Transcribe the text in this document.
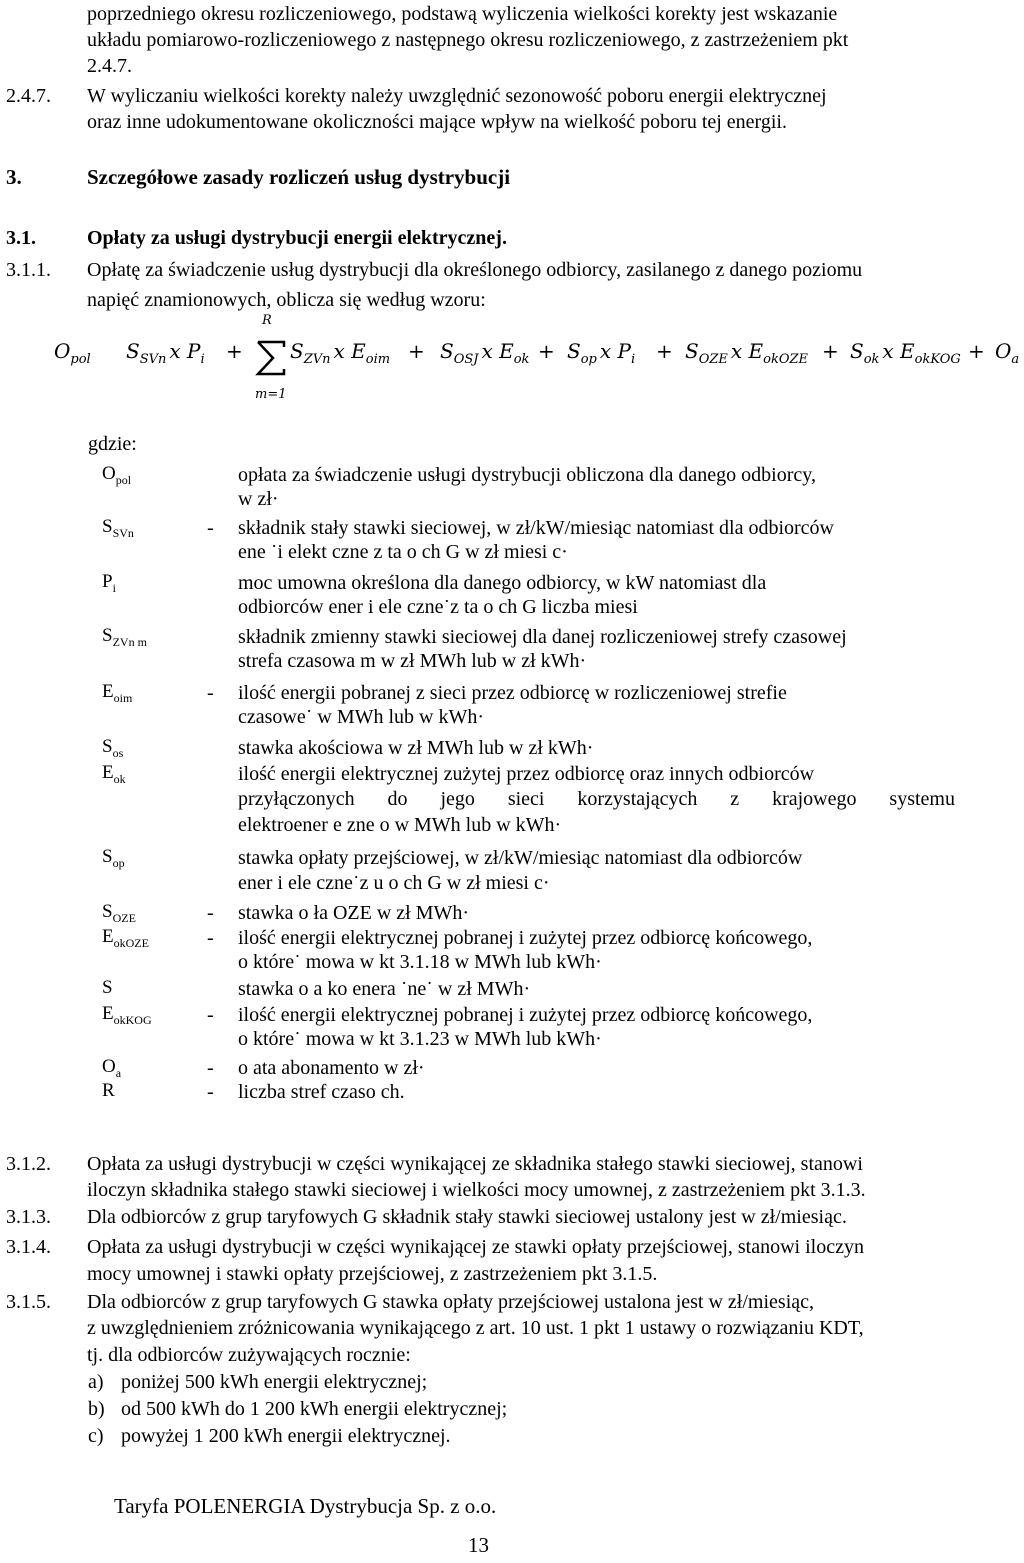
poprzedniego okresu rozliczeniowego, podstawą wyliczenia wielkości korekty jest wskazanie
układu pomiarowo-rozliczeniowego z następnego okresu rozliczeniowego, z zastrzeżeniem pkt
2.4.7.
2.4.7. W wyliczaniu wielkości korekty należy uwzględnić sezonowość poboru energii elektrycznej
oraz inne udokumentowane okoliczności mające wpływ na wielkość poboru tej energii.
3.	Szczegółowe zasady rozliczeń usług dystrybucji
3.1.	Opłaty za usługi dystrybucji energii elektrycznej.
3.1.1. Opłatę za świadczenie usług dystrybucji dla określonego odbiorcy, zasilanego z danego poziomu
napięć znamionowych, oblicza się według wzoru:
$O_{pol}$ $S_{SVn}$ x $P_i$ +
R
m=1
$S_{ZVn}$ x $E_{oim} + S_{OSJ}$ x $E_{ok} + S_{op}$ x $P_i + S_{OZE}$ x $E_{okOZE} + S_{ok}$ x $E_{okKOG} + O_a$
gdzie:
$O_{pol}$	opłata za świadczenie usługi dystrybucji obliczona dla danego odbiorcy,
w zł·
$S_{SVn}$	- składnik stały stawki sieciowej, w zł/kW/miesiąc natomiast dla odbiorców
ene ˙i elekt czne z ta o ch G w zł miesi c·
$P_i$	moc umowna określona dla danego odbiorcy, w kW natomiast dla
odbiorców ener i ele czne˙z ta o ch G liczba miesi
$S_{ZVn m}$	składnik zmienny stawki sieciowej dla danej rozliczeniowej strefy czasowej
strefa czasowa m w zł MWh lub w zł kWh·
$E_{oim}$	- ilość energii pobranej z sieci przez odbiorcę w rozliczeniowej strefie
czasowe˙ w MWh lub w kWh·
$S_{os}$	stawka akościowa w zł MWh lub w zł kWh·
$E_{ok}$	ilość energii elektrycznej zużytej przez odbiorcę oraz innych odbiorców
przyłączonych do jego sieci korzystających z krajowego systemu
elektroener e zne o w MWh lub w kWh·
$S_{op}$	stawka opłaty przejściowej, w zł/kW/miesiąc natomiast dla odbiorców
ener i ele czne˙z u o ch G w zł miesi c·
$S_{OZE}$	- stawka o ła OZE w zł MWh·
$E_{okOZE}$	- ilość energii elektrycznej pobranej i zużytej przez odbiorcę końcowego,
o które˙ mowa w kt 3.1.18 w MWh lub kWh·
S	stawka o a ko enera ˙ne˙ w zł MWh·
$E_{okKOG}$	- ilość energii elektrycznej pobranej i zużytej przez odbiorcę końcowego,
o które˙ mowa w kt 3.1.23 w MWh lub kWh·
$O_a$	- o ata abonamento w zł·
R	- liczba stref czaso ch.
3.1.2. Opłata za usługi dystrybucji w części wynikającej ze składnika stałego stawki sieciowej, stanowi
iloczyn składnika stałego stawki sieciowej i wielkości mocy umownej, z zastrzeżeniem pkt 3.1.3.
3.1.3. Dla odbiorców z grup taryfowych G składnik stały stawki sieciowej ustalony jest w zł/miesiąc.
3.1.4. Opłata za usługi dystrybucji w części wynikającej ze stawki opłaty przejściowej, stanowi iloczyn
mocy umownej i stawki opłaty przejściowej, z zastrzeżeniem pkt 3.1.5.
3.1.5. Dla odbiorców z grup taryfowych G stawka opłaty przejściowej ustalona jest w zł/miesiąc,
z uwzględnieniem zróżnicowania wynikającego z art. 10 ust. 1 pkt 1 ustawy o rozwiązaniu KDT,
tj. dla odbiorców zużywających rocznie:
a) poniżej 500 kWh energii elektrycznej;
b) od 500 kWh do 1 200 kWh energii elektrycznej;
c) powyżej 1 200 kWh energii elektrycznej.
Taryfa POLENERGIA Dystrybucja Sp. z o.o.
13
